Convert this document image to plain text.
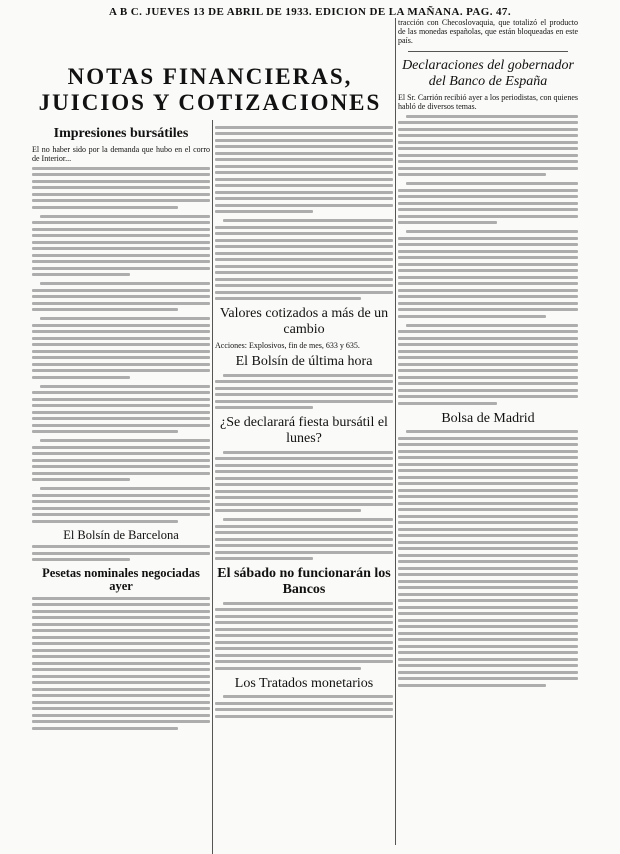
A B C. JUEVES 13 DE ABRIL DE 1933. EDICION DE LA MAÑANA. PAG. 47.
NOTAS FINANCIERAS, JUICIOS Y COTIZACIONES
Impresiones bursátiles
El no haber sido por la demanda que hubo en el corro de Interior...
El Bolsín de Barcelona
Pesetas nominales negociadas ayer
Valores cotizados a más de un cambio
Acciones: Explosivos, fin de mes, 633 y 635.
El Bolsín de última hora
¿Se declarará fiesta bursátil el lunes?
El sábado no funcionarán los Bancos
Los Tratados monetarios
tracción con Checoslovaquia, que totalizó el producto de las monedas españolas, que están bloqueadas en este país.
Declaraciones del gobernador del Banco de España
El Sr. Carrión recibió ayer a los periodistas, con quienes habló de diversos temas.
Bolsa de Madrid
